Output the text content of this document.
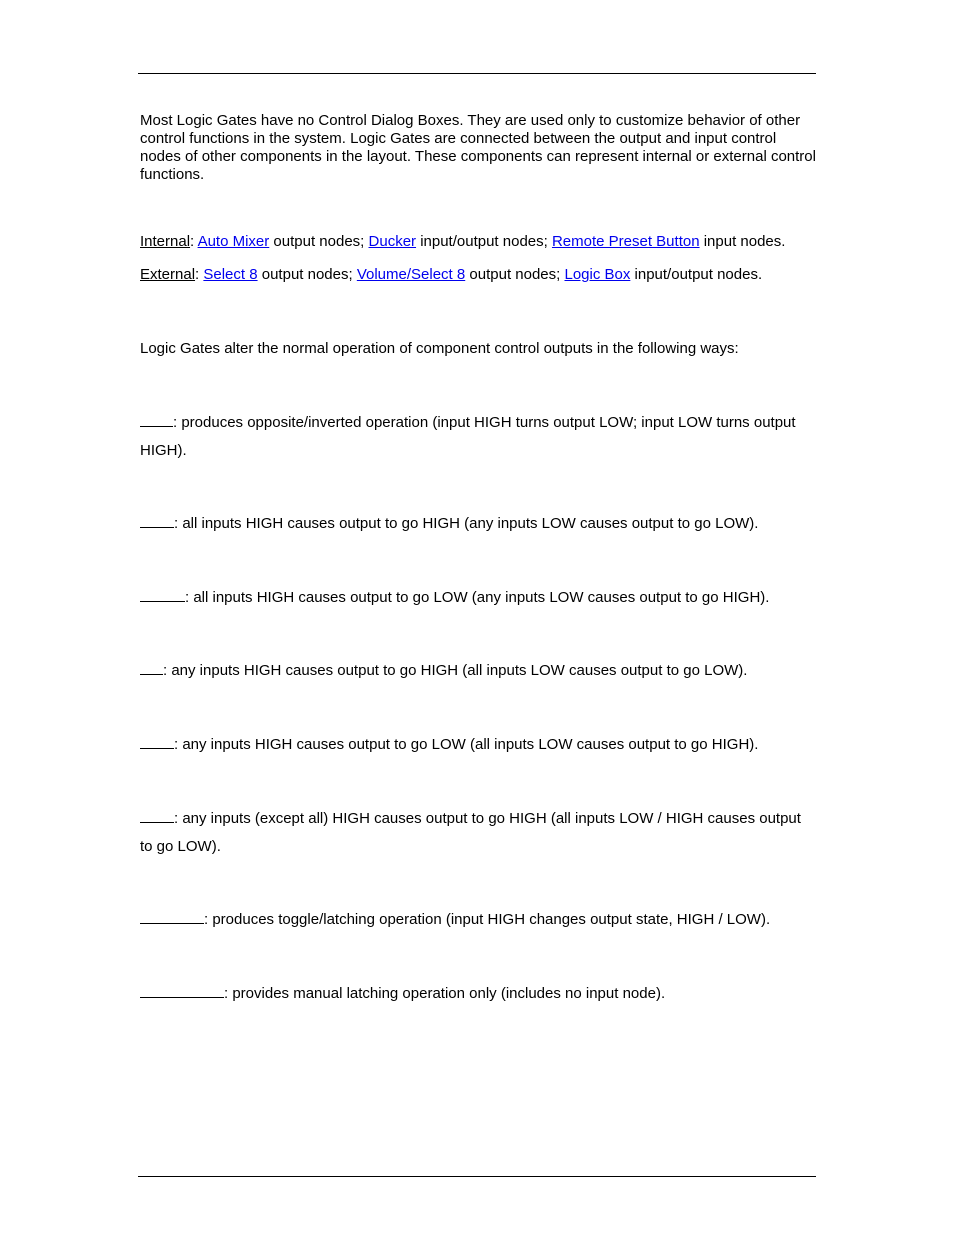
Most Logic Gates have no Control Dialog Boxes. They are used only to customize behavior of other control functions in the system. Logic Gates are connected between the output and input control nodes of other components in the layout. These components can represent internal or external control functions.

Internal: Auto Mixer output nodes; Ducker input/output nodes; Remote Preset Button input nodes.

External: Select 8 output nodes; Volume/Select 8 output nodes; Logic Box input/output nodes.

Logic Gates alter the normal operation of component control outputs in the following ways:

: produces opposite/inverted operation (input HIGH turns output LOW; input LOW turns output HIGH).

: all inputs HIGH causes output to go HIGH (any inputs LOW causes output to go LOW).

: all inputs HIGH causes output to go LOW (any inputs LOW causes output to go HIGH).

: any inputs HIGH causes output to go HIGH (all inputs LOW causes output to go LOW).

: any inputs HIGH causes output to go LOW (all inputs LOW causes output to go HIGH).

: any inputs (except all) HIGH causes output to go HIGH (all inputs LOW / HIGH causes output to go LOW).

: produces toggle/latching operation (input HIGH changes output state, HIGH / LOW).

: provides manual latching operation only (includes no input node).
